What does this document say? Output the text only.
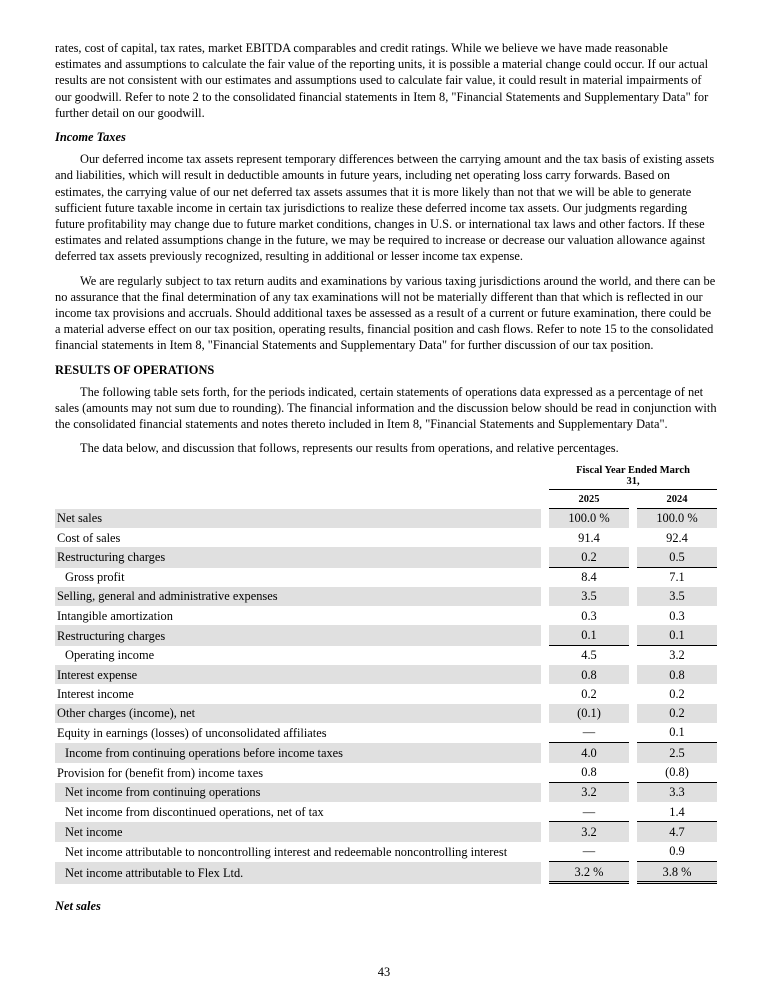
rates, cost of capital, tax rates, market EBITDA comparables and credit ratings. While we believe we have made reasonable estimates and assumptions to calculate the fair value of the reporting units, it is possible a material change could occur. If our actual results are not consistent with our estimates and assumptions used to calculate fair value, it could result in material impairments of our goodwill. Refer to note 2 to the consolidated financial statements in Item 8, "Financial Statements and Supplementary Data" for further detail on our goodwill.

Income Taxes

Our deferred income tax assets represent temporary differences between the carrying amount and the tax basis of existing assets and liabilities, which will result in deductible amounts in future years, including net operating loss carry forwards. Based on estimates, the carrying value of our net deferred tax assets assumes that it is more likely than not that we will be able to generate sufficient future taxable income in certain tax jurisdictions to realize these deferred income tax assets. Our judgments regarding future profitability may change due to future market conditions, changes in U.S. or international tax laws and other factors. If these estimates and related assumptions change in the future, we may be required to increase or decrease our valuation allowance against deferred tax assets previously recognized, resulting in additional or lesser income tax expense.

We are regularly subject to tax return audits and examinations by various taxing jurisdictions around the world, and there can be no assurance that the final determination of any tax examinations will not be materially different than that which is reflected in our income tax provisions and accruals. Should additional taxes be assessed as a result of a current or future examination, there could be a material adverse effect on our tax position, operating results, financial position and cash flows. Refer to note 15 to the consolidated financial statements in Item 8, "Financial Statements and Supplementary Data" for further discussion of our tax position.

RESULTS OF OPERATIONS

The following table sets forth, for the periods indicated, certain statements of operations data expressed as a percentage of net sales (amounts may not sum due to rounding). The financial information and the discussion below should be read in conjunction with the consolidated financial statements and notes thereto included in Item 8, "Financial Statements and Supplementary Data".

The data below, and discussion that follows, represents our results from operations, and relative percentages.

		Fiscal Year Ended March 31,		
		2025		2024
Net sales		100.0 %		100.0 %
Cost of sales		91.4		92.4
Restructuring charges		0.2		0.5
Gross profit		8.4		7.1
Selling, general and administrative expenses		3.5		3.5
Intangible amortization		0.3		0.3
Restructuring charges		0.1		0.1
Operating income		4.5		3.2
Interest expense		0.8		0.8
Interest income		0.2		0.2
Other charges (income), net		(0.1)		0.2
Equity in earnings (losses) of unconsolidated affiliates		—		0.1
Income from continuing operations before income taxes		4.0		2.5
Provision for (benefit from) income taxes		0.8		(0.8)
Net income from continuing operations		3.2		3.3
Net income from discontinued operations, net of tax		—		1.4
Net income		3.2		4.7
Net income attributable to noncontrolling interest and redeemable noncontrolling interest		—		0.9
Net income attributable to Flex Ltd.		3.2 %		3.8 %

Net sales

43
